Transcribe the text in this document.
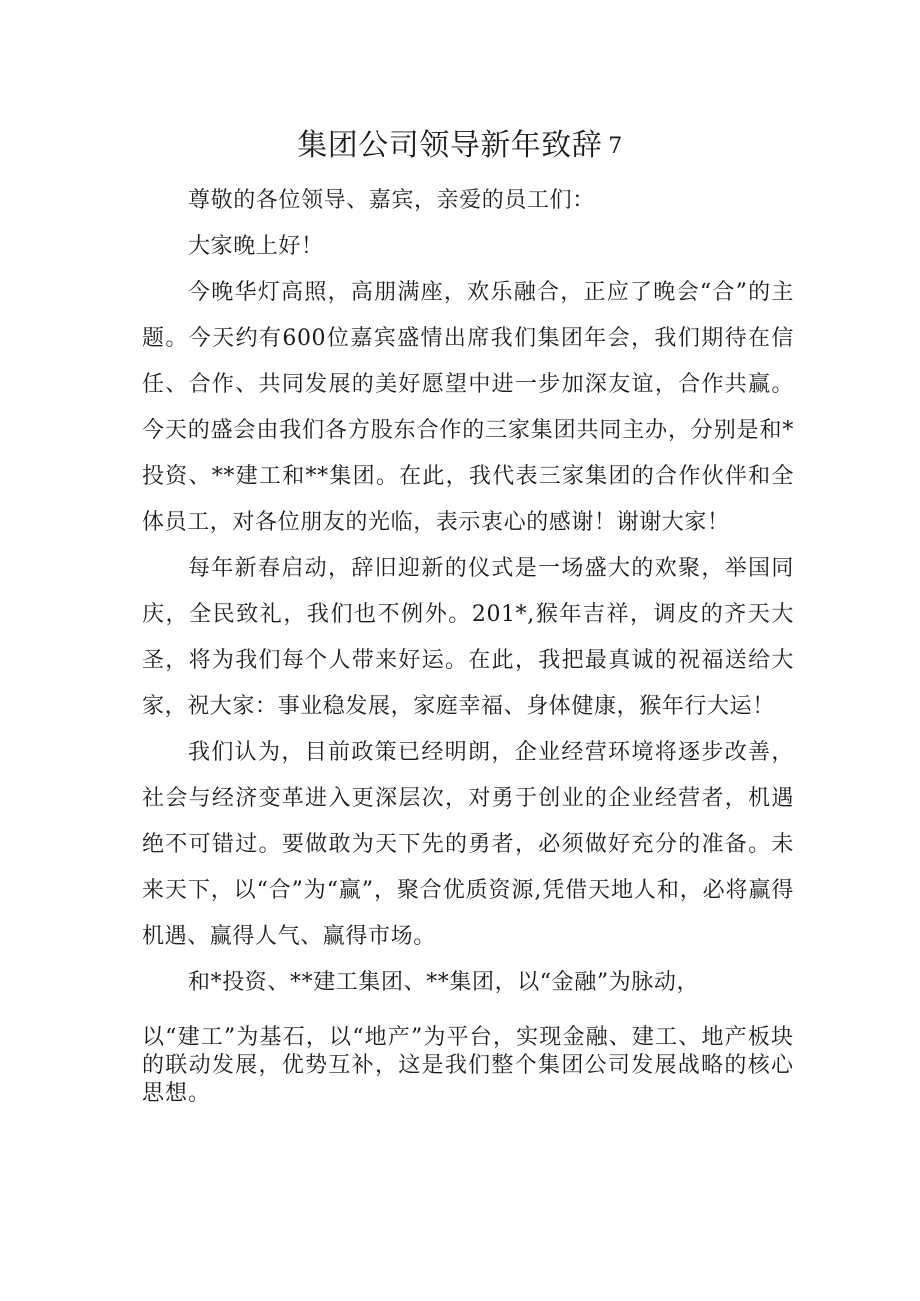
集团公司领导新年致辞 7

尊敬的各位领导、嘉宾，亲爱的员工们：

大家晚上好！

今晚华灯高照，高朋满座，欢乐融合，正应了晚会“合”的主题。今天约有600位嘉宾盛情出席我们集团年会，我们期待在信任、合作、共同发展的美好愿望中进一步加深友谊，合作共赢。今天的盛会由我们各方股东合作的三家集团共同主办，分别是和*投资、**建工和**集团。在此，我代表三家集团的合作伙伴和全体员工，对各位朋友的光临，表示衷心的感谢！谢谢大家！

每年新春启动，辞旧迎新的仪式是一场盛大的欢聚，举国同庆，全民致礼，我们也不例外。201*,猴年吉祥，调皮的齐天大圣，将为我们每个人带来好运。在此，我把最真诚的祝福送给大家，祝大家：事业稳发展，家庭幸福、身体健康，猴年行大运！

我们认为，目前政策已经明朗，企业经营环境将逐步改善，社会与经济变革进入更深层次，对勇于创业的企业经营者，机遇绝不可错过。要做敢为天下先的勇者，必须做好充分的准备。未来天下，以“合”为“赢”，聚合优质资源,凭借天地人和，必将赢得机遇、赢得人气、赢得市场。

和*投资、**建工集团、**集团，以“金融”为脉动，

以“建工”为基石，以“地产”为平台，实现金融、建工、地产板块的联动发展，优势互补，这是我们整个集团公司发展战略的核心思想。
